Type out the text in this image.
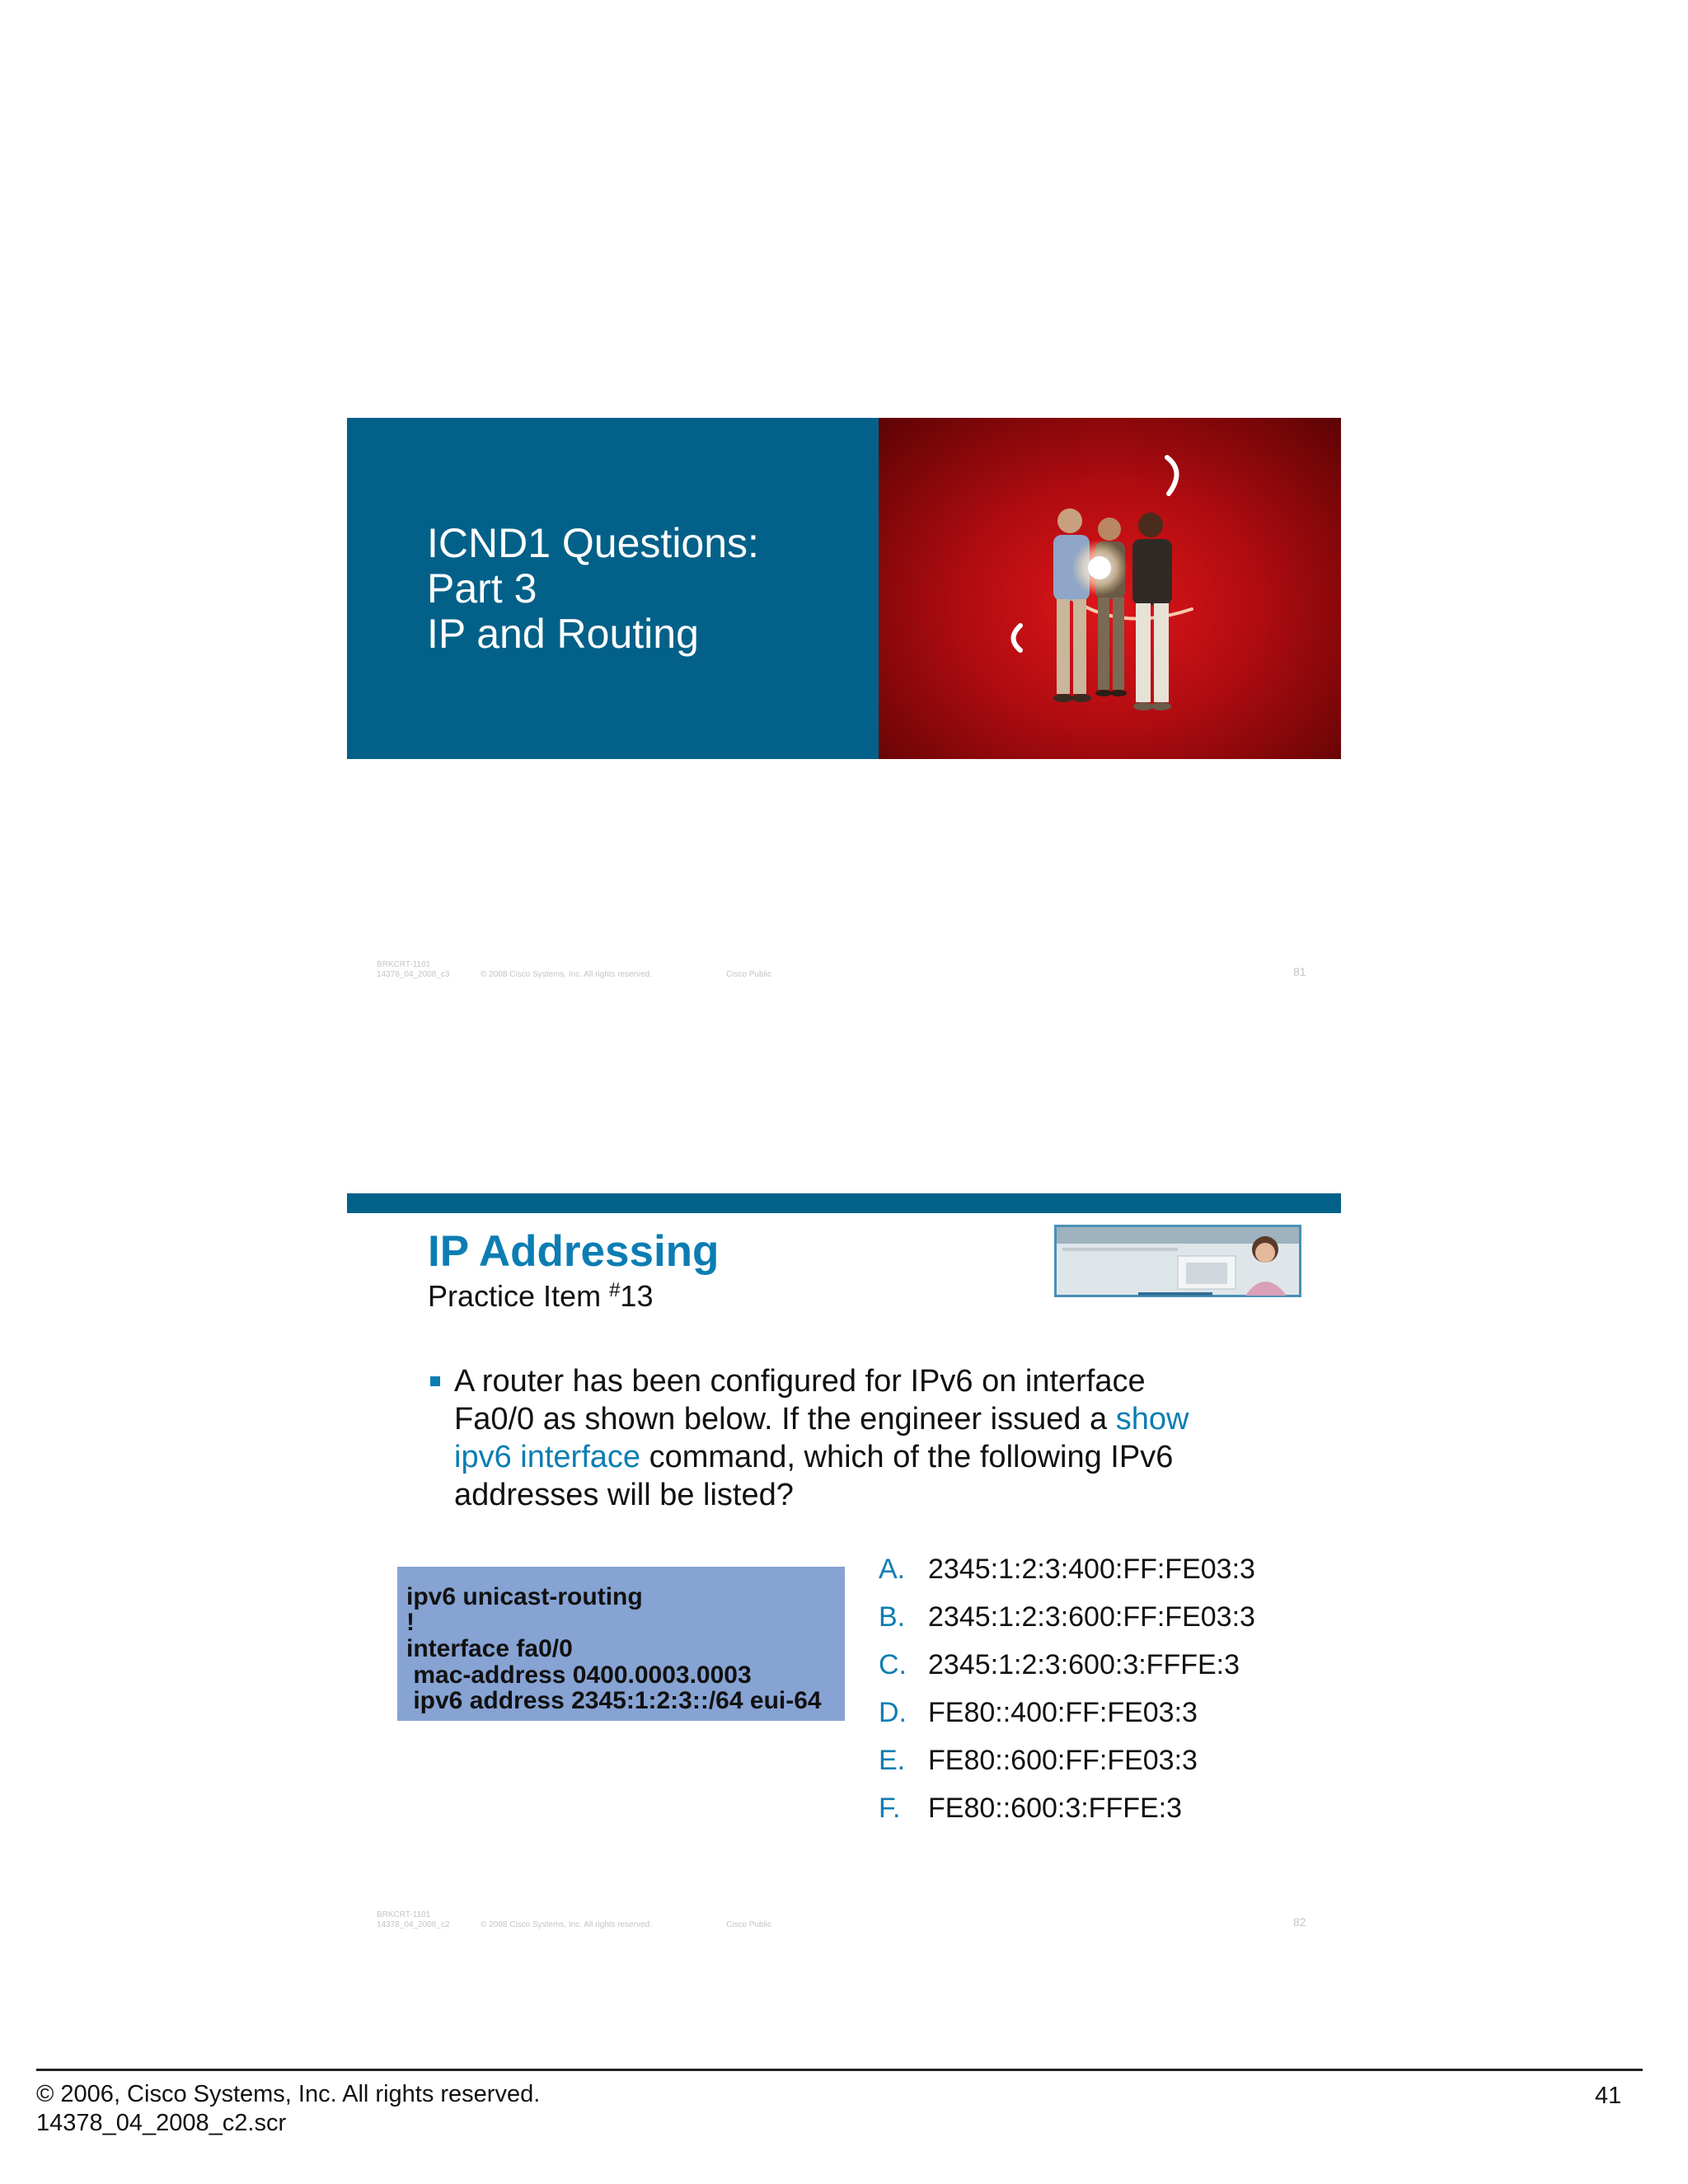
ICND1 Questions:
Part 3
IP and Routing
BRKCRT-1101
14378_04_2008_c3	© 2008 Cisco Systems, Inc. All rights reserved.	Cisco Public	81
IP Addressing
Practice Item #13
A router has been configured for IPv6 on interface
Fa0/0 as shown below. If the engineer issued a show
ipv6 interface command, which of the following IPv6
addresses will be listed?
ipv6 unicast-routing
!
interface fa0/0
mac-address 0400.0003.0003
ipv6 address 2345:1:2:3::/64 eui-64
A. 2345:1:2:3:400:FF:FE03:3
B. 2345:1:2:3:600:FF:FE03:3
C. 2345:1:2:3:600:3:FFFE:3
D. FE80::400:FF:FE03:3
E. FE80::600:FF:FE03:3
F. FE80::600:3:FFFE:3
BRKCRT-1101
14378_04_2008_c2	© 2008 Cisco Systems, Inc. All rights reserved.	Cisco Public	82
© 2006, Cisco Systems, Inc. All rights reserved.
14378_04_2008_c2.scr
41
